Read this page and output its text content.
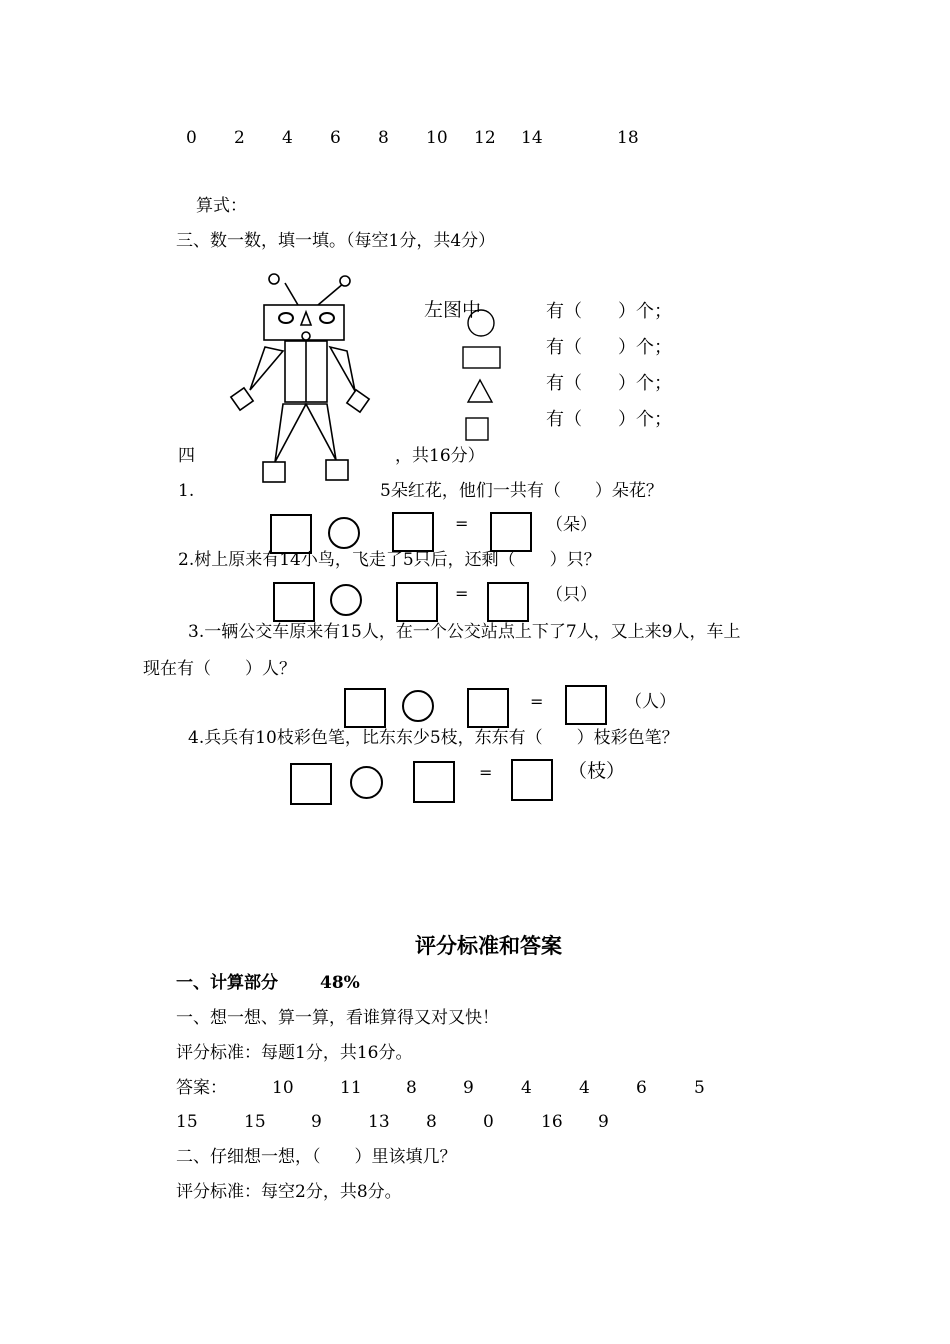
0 2 4 6 8 10 12 14	18
算式：
三、数一数，填一填。（每空1分，共4分）
左图中	有（　　）个；
有（　　）个；
有（　　）个；
有（　　）个；
四	，共16分）
1.	5朵红花，他们一共有（　　）朵花？
=	（朵）
2.树上原来有14小鸟，飞走了5只后，还剩（　　）只？
=	（只）
3.一辆公交车原来有15人，在一个公交站点上下了7人，又上来9人，车上
现在有（　　）人？
=	（人）
4.兵兵有10枝彩色笔，比东东少5枝，东东有（　　）枝彩色笔？
=	（枝）
评分标准和答案
一、计算部分 48%
一、想一想、算一算，看谁算得又对又快！
评分标准：每题1分，共16分。
答案：	10	11	8	9	4	4	6	5
15	15	9	13 8	0	16 9
二、仔细想一想，（　　）里该填几？
评分标准：每空2分，共8分。
